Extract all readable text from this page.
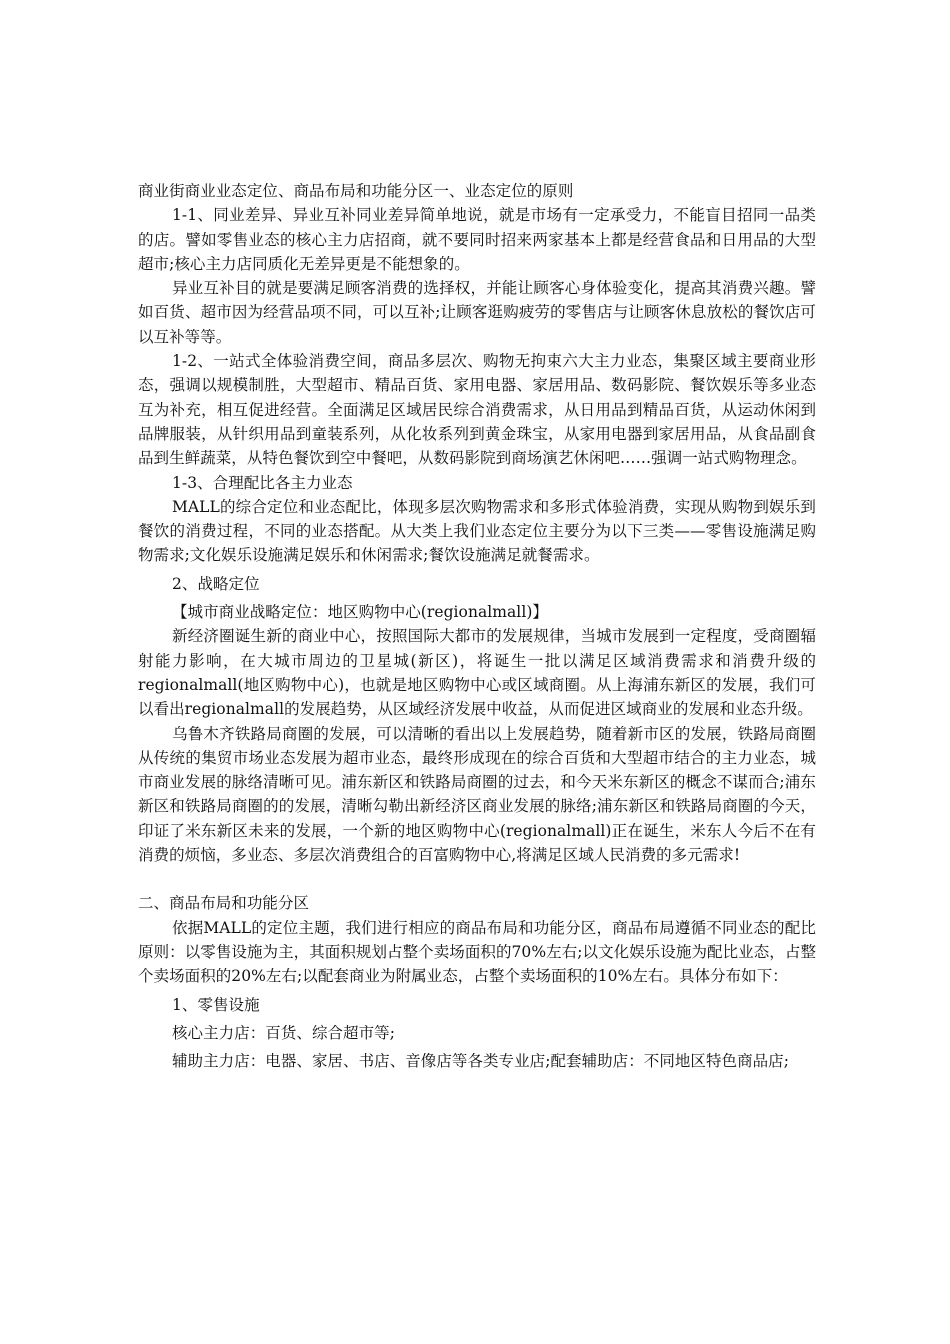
商业街商业业态定位、商品布局和功能分区一、业态定位的原则

1-1、同业差异、异业互补同业差异简单地说，就是市场有一定承受力，不能盲目招同一品类的店。譬如零售业态的核心主力店招商，就不要同时招来两家基本上都是经营食品和日用品的大型超市;核心主力店同质化无差异更是不能想象的。

异业互补目的就是要满足顾客消费的选择权，并能让顾客心身体验变化，提高其消费兴趣。譬如百货、超市因为经营品项不同，可以互补;让顾客逛购疲劳的零售店与让顾客休息放松的餐饮店可以互补等等。

1-2、一站式全体验消费空间，商品多层次、购物无拘束六大主力业态，集聚区域主要商业形态，强调以规模制胜，大型超市、精品百货、家用电器、家居用品、数码影院、餐饮娱乐等多业态互为补充，相互促进经营。全面满足区域居民综合消费需求，从日用品到精品百货，从运动休闲到品牌服装，从针织用品到童装系列，从化妆系列到黄金珠宝，从家用电器到家居用品，从食品副食品到生鲜蔬菜，从特色餐饮到空中餐吧，从数码影院到商场演艺休闲吧……强调一站式购物理念。

1-3、合理配比各主力业态

MALL的综合定位和业态配比，体现多层次购物需求和多形式体验消费，实现从购物到娱乐到餐饮的消费过程，不同的业态搭配。从大类上我们业态定位主要分为以下三类——零售设施满足购物需求;文化娱乐设施满足娱乐和休闲需求;餐饮设施满足就餐需求。

2、战略定位

【城市商业战略定位：地区购物中心(regionalmall)】

新经济圈诞生新的商业中心，按照国际大都市的发展规律，当城市发展到一定程度，受商圈辐射能力影响，在大城市周边的卫星城(新区)，将诞生一批以满足区域消费需求和消费升级的regionalmall(地区购物中心)，也就是地区购物中心或区域商圈。从上海浦东新区的发展，我们可以看出regionalmall的发展趋势，从区域经济发展中收益，从而促进区域商业的发展和业态升级。

乌鲁木齐铁路局商圈的发展，可以清晰的看出以上发展趋势，随着新市区的发展，铁路局商圈从传统的集贸市场业态发展为超市业态，最终形成现在的综合百货和大型超市结合的主力业态，城市商业发展的脉络清晰可见。浦东新区和铁路局商圈的过去，和今天米东新区的概念不谋而合;浦东新区和铁路局商圈的的发展，清晰勾勒出新经济区商业发展的脉络;浦东新区和铁路局商圈的今天，印证了米东新区未来的发展，一个新的地区购物中心(regionalmall)正在诞生，米东人今后不在有消费的烦恼，多业态、多层次消费组合的百富购物中心,将满足区域人民消费的多元需求!

二、商品布局和功能分区

依据MALL的定位主题，我们进行相应的商品布局和功能分区，商品布局遵循不同业态的配比原则：以零售设施为主，其面积规划占整个卖场面积的70%左右;以文化娱乐设施为配比业态，占整个卖场面积的20%左右;以配套商业为附属业态，占整个卖场面积的10%左右。具体分布如下：

1、零售设施

核心主力店：百货、综合超市等;

辅助主力店：电器、家居、书店、音像店等各类专业店;配套辅助店：不同地区特色商品店;
